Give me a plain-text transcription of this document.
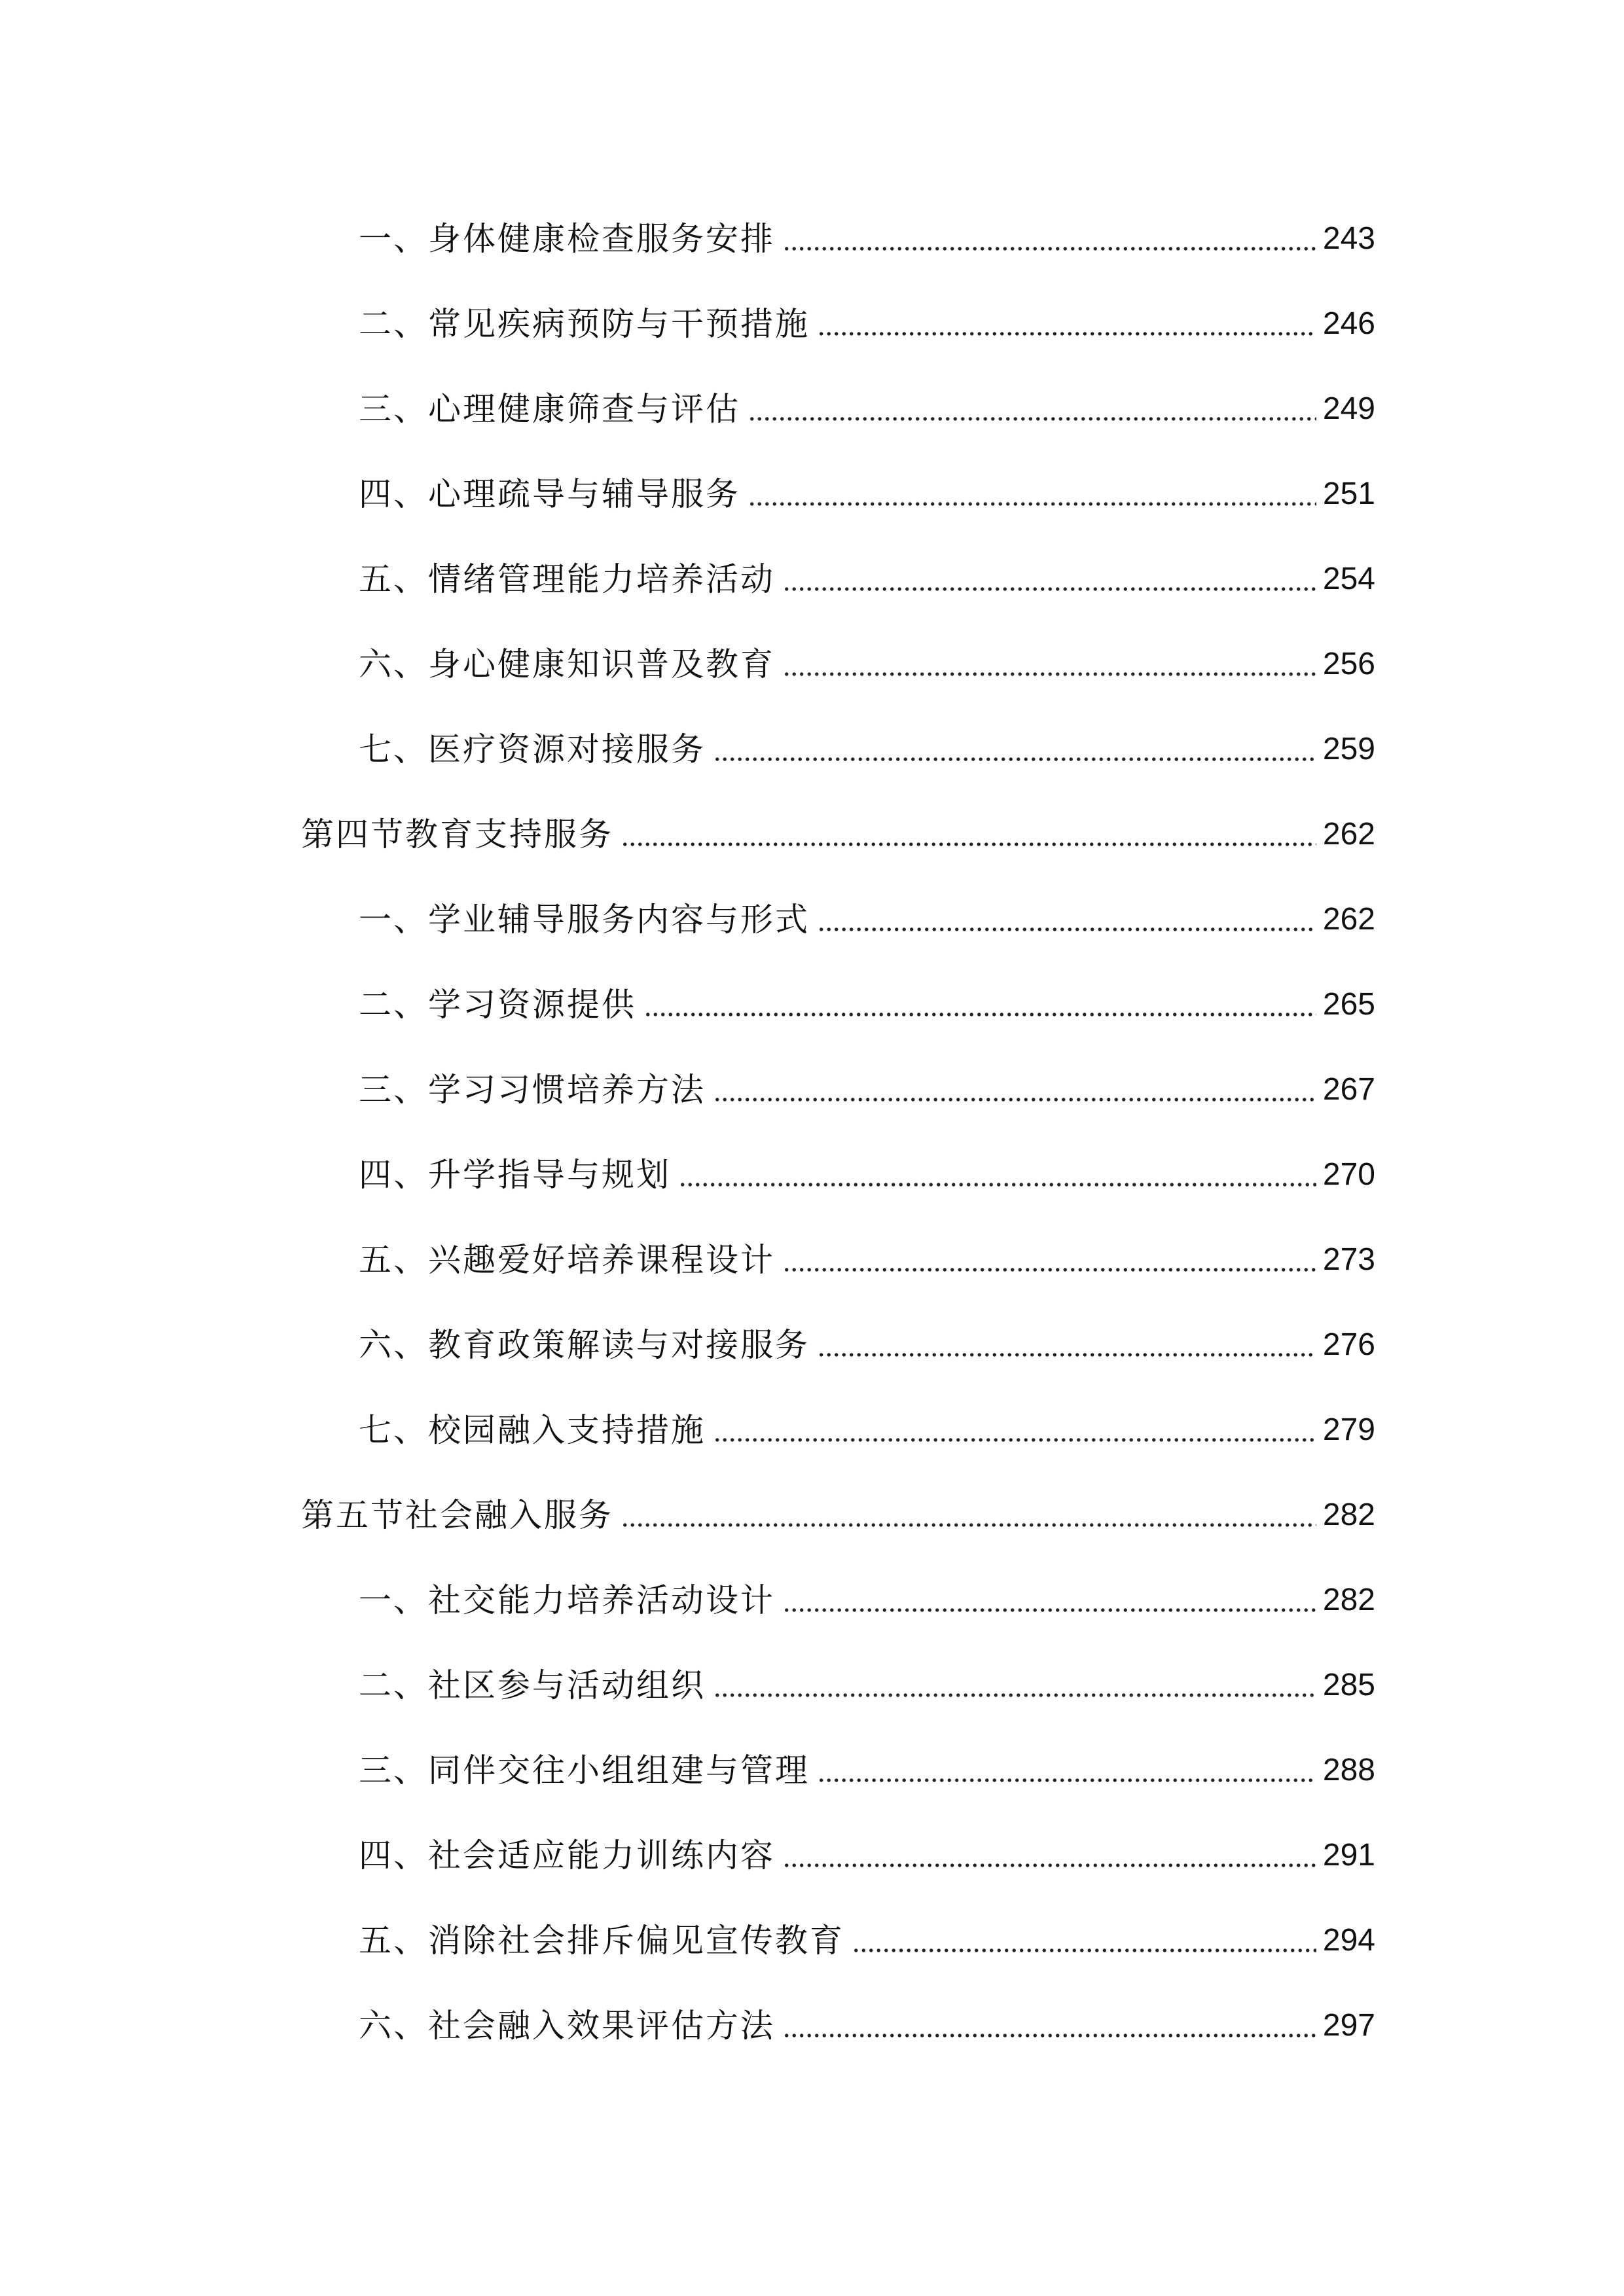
一、身体健康检查服务安排	243
二、常见疾病预防与干预措施	246
三、心理健康筛查与评估	249
四、心理疏导与辅导服务	251
五、情绪管理能力培养活动	254
六、身心健康知识普及教育	256
七、医疗资源对接服务	259
第四节教育支持服务	262
一、学业辅导服务内容与形式	262
二、学习资源提供	265
三、学习习惯培养方法	267
四、升学指导与规划	270
五、兴趣爱好培养课程设计	273
六、教育政策解读与对接服务	276
七、校园融入支持措施	279
第五节社会融入服务	282
一、社交能力培养活动设计	282
二、社区参与活动组织	285
三、同伴交往小组组建与管理	288
四、社会适应能力训练内容	291
五、消除社会排斥偏见宣传教育	294
六、社会融入效果评估方法	297
